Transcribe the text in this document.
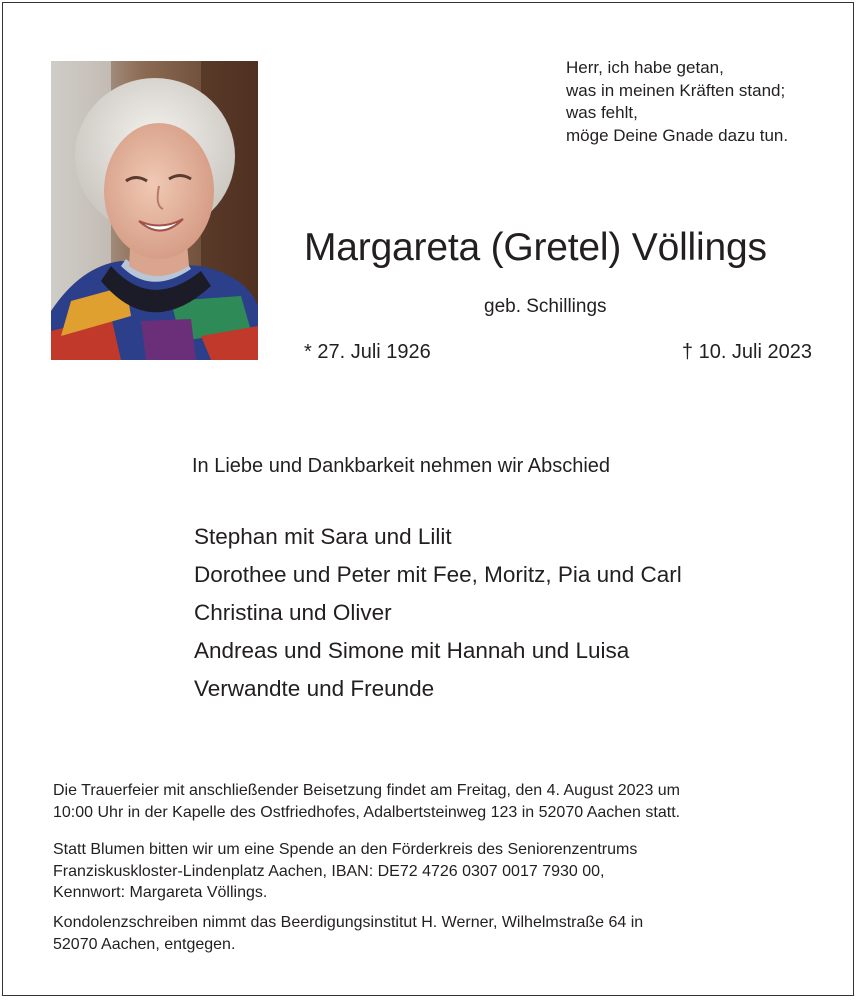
Herr, ich habe getan,
was in meinen Kräften stand;
was fehlt,
möge Deine Gnade dazu tun.
Margareta (Gretel) Völlings
geb. Schillings
* 27. Juli 1926	† 10. Juli 2023
In Liebe und Dankbarkeit nehmen wir Abschied
Stephan mit Sara und Lilit
Dorothee und Peter mit Fee, Moritz, Pia und Carl
Christina und Oliver
Andreas und Simone mit Hannah und Luisa
Verwandte und Freunde
Die Trauerfeier mit anschließender Beisetzung findet am Freitag, den 4. August 2023 um
10:00 Uhr in der Kapelle des Ostfriedhofes, Adalbertsteinweg 123 in 52070 Aachen statt.
Statt Blumen bitten wir um eine Spende an den Förderkreis des Seniorenzentrums
Franziskuskloster-Lindenplatz Aachen, IBAN: DE72 4726 0307 0017 7930 00,
Kennwort: Margareta Völlings.
Kondolenzschreiben nimmt das Beerdigungsinstitut H. Werner, Wilhelmstraße 64 in
52070 Aachen, entgegen.
